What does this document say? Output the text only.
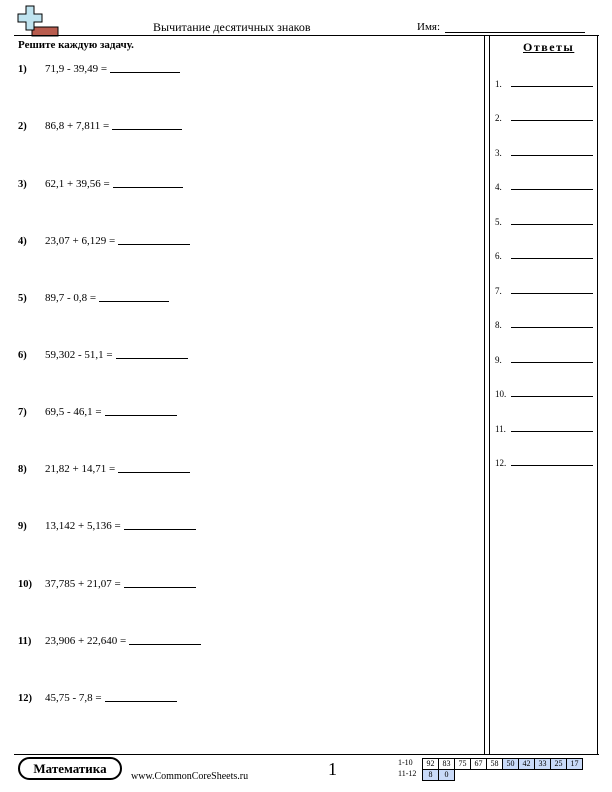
Вычитание десятичных знаков	Имя:
Решите каждую задачу.
1)	71,9 - 39,49 =
2)	86,8 + 7,811 =
3)	62,1 + 39,56 =
4)	23,07 + 6,129 =
5)	89,7 - 0,8 =
6)	59,302 - 51,1 =
7)	69,5 - 46,1 =
8)	21,82 + 14,71 =
9)	13,142 + 5,136 =
10)	37,785 + 21,07 =
11)	23,906 + 22,640 =
12)	45,75 - 7,8 =
Ответы
1.
2.
3.
4.
5.
6.
7.
8.
9.
10.
11.
12.
Математика
www.CommonCoreSheets.ru	1	1-10	92	83	75	67	58	50	42	33	25	17
11-12	8	0
